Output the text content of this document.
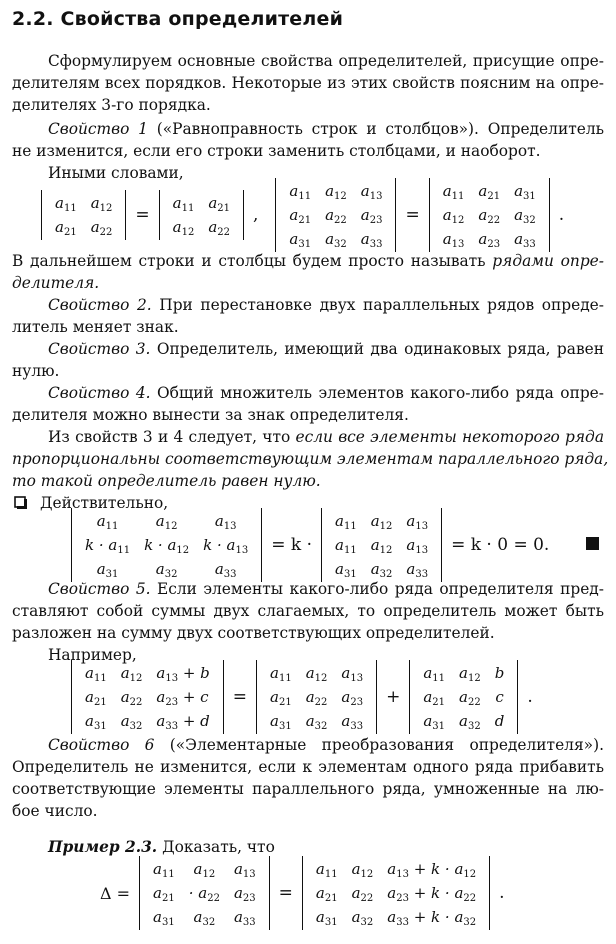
2.2. Свойства определителей
Сформулируем основные свойства определителей, присущие опре-
делителям всех порядков. Некоторые из этих свойств поясним на опре-
делителях 3-го порядка.
Свойство 1 («Равноправность строк и столбцов»). Определитель
не изменится, если его строки заменить столбцами, и наоборот.
Иными словами,
$a_{11}$	$a_{12}$
$a_{21}$	$a_{22}$
=
$a_{11}$	$a_{21}$
$a_{12}$	$a_{22}$
,
$a_{11}$	$a_{12}$	$a_{13}$
$a_{21}$	$a_{22}$	$a_{23}$
$a_{31}$	$a_{32}$	$a_{33}$
=
$a_{11}$	$a_{21}$	$a_{31}$
$a_{12}$	$a_{22}$	$a_{32}$
$a_{13}$	$a_{23}$	$a_{33}$
.
В дальнейшем строки и столбцы будем просто называть рядами опре-
делителя.
Свойство 2. При перестановке двух параллельных рядов опреде-
литель меняет знак.
Свойство 3. Определитель, имеющий два одинаковых ряда, равен
нулю.
Свойство 4. Общий множитель элементов какого-либо ряда опре-
делителя можно вынести за знак определителя.
Из свойств 3 и 4 следует, что если все элементы некоторого ряда
пропорциональны соответствующим элементам параллельного ряда,
то такой определитель равен нулю.
Действительно,
$a_{11}$	$a_{12}$	$a_{13}$
$k \cdot a_{11}$	$k \cdot a_{12}$	$k \cdot a_{13}$
$a_{31}$	$a_{32}$	$a_{33}$
= k ·
$a_{11}$	$a_{12}$	$a_{13}$
$a_{11}$	$a_{12}$	$a_{13}$
$a_{31}$	$a_{32}$	$a_{33}$
= k · 0 = 0.
Свойство 5. Если элементы какого-либо ряда определителя пред-
ставляют собой суммы двух слагаемых, то определитель может быть
разложен на сумму двух соответствующих определителей.
Например,
$a_{11}$	$a_{12}$	$a_{13} + b$
$a_{21}$	$a_{22}$	$a_{23} + c$
$a_{31}$	$a_{32}$	$a_{33} + d$
=
$a_{11}$	$a_{12}$	$a_{13}$
$a_{21}$	$a_{22}$	$a_{23}$
$a_{31}$	$a_{32}$	$a_{33}$
+
$a_{11}$	$a_{12}$	b
$a_{21}$	$a_{22}$	c
$a_{31}$	$a_{32}$	d
.
Свойство 6 («Элементарные преобразования определителя»).
Определитель не изменится, если к элементам одного ряда прибавить
соответствующие элементы параллельного ряда, умноженные на лю-
бое число.
Пример 2.3. Доказать, что
Δ =
$a_{11}$	$a_{12}$	$a_{13}$
$a_{21}$	· $a_{22}$	$a_{23}$
$a_{31}$	$a_{32}$	$a_{33}$
=
$a_{11}$	$a_{12}$	$a_{13} + k \cdot a_{12}$
$a_{21}$	$a_{22}$	$a_{23} + k \cdot a_{22}$
$a_{31}$	$a_{32}$	$a_{33} + k \cdot a_{32}$
.
